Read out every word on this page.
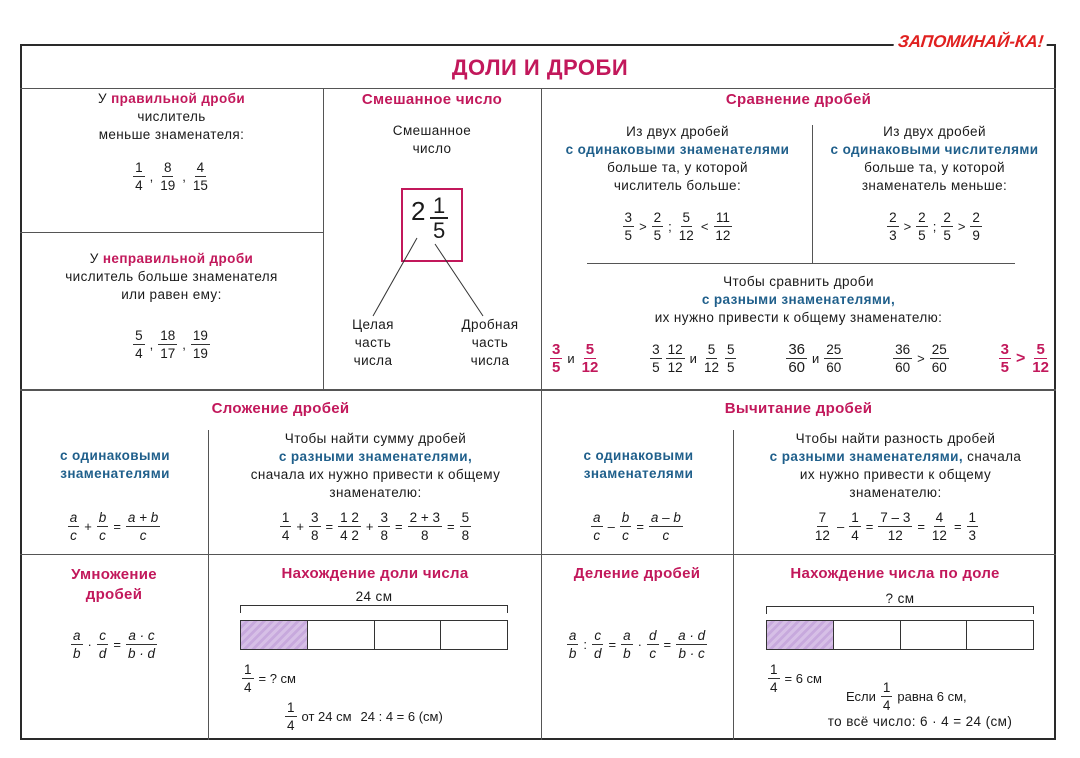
ДОЛИ И ДРОБИ
ЗАПОМИНАЙ-КА!
У правильной дроби
числитель
меньше знаменателя:
$\frac{1}{4}$ , $\frac{8}{19}$ , $\frac{4}{15}$
У неправильной дроби
числитель больше знаменателя
или равен ему:
$\frac{5}{4}$ , $\frac{18}{17}$ , $\frac{19}{19}$
Смешанное число
Смешанное
число
2 1
5
Целая
часть
числа
Дробная
часть
числа
Сравнение дробей
Из двух дробей
с одинаковыми знаменателями
больше та, у которой
числитель больше:
$\frac{3}{5} > \frac{2}{5}$ ; $\frac{5}{12} < \frac{11}{12}$
Из двух дробей
с одинаковыми числителями
больше та, у которой
знаменатель меньше:
$\frac{2}{3} > \frac{2}{5}$ ; $\frac{2}{5} > \frac{2}{9}$
Чтобы сравнить дроби
с разными знаменателями,
их нужно привести к общему знаменателю:
$\frac{3}{5}$ и $\frac{5}{12}$	$\frac{3}{5} \frac{12}{12}$ и $\frac{5}{12} \frac{5}{5}$	$\frac{36}{60}$ и $\frac{25}{60}$	$\frac{36}{60} > \frac{25}{60}$	$\frac{3}{5} > \frac{5}{12}$
Сложение дробей
с одинаковыми знаменателями
$\frac{a}{c} + \frac{b}{c} = \frac{a + b}{c}$
Чтобы найти сумму дробей
с разными знаменателями,
сначала их нужно привести к общему
знаменателю:
$\frac{1}{4} + \frac{3}{8} = \frac{1 2}{4 2} + \frac{3}{8} = \frac{2 + 3}{8} = \frac{5}{8}$
Вычитание дробей
с одинаковыми знаменателями
$\frac{a}{c} - \frac{b}{c} = \frac{a - b}{c}$
Чтобы найти разность дробей
с разными знаменателями, сначала
их нужно привести к общему
знаменателю:
$\frac{7}{12} - \frac{1}{4} = \frac{7 - 3}{12} = \frac{4}{12} = \frac{1}{3}$
Умножение
дробей
$\frac{a}{b} \cdot \frac{c}{d} = \frac{a \cdot c}{b \cdot d}$
Нахождение доли числа
24 см
$\frac{1}{4}$ = ? см
$\frac{1}{4}$ от 24 см 24 : 4 = 6 (см)
Деление дробей
$\frac{a}{b}$ : $\frac{c}{d} = \frac{a}{b} \cdot \frac{d}{c} = \frac{a \cdot d}{b \cdot c}$
Нахождение числа по доле
? см
$\frac{1}{4} = 6$ см
Если $\frac{1}{4}$ равна 6 см,
то всё число: 6 · 4 = 24 (см)
